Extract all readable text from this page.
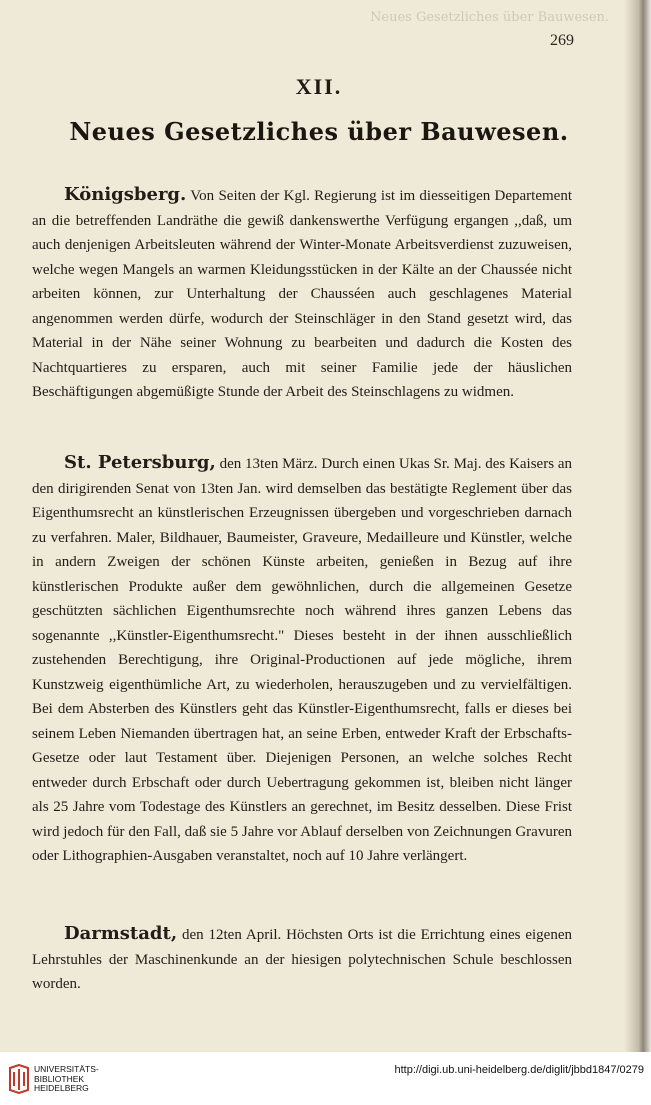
Neues Gesetzliches über Bauwesen.
269
XII.
Neues Gesetzliches über Bauwesen.
Königsberg. Von Seiten der Kgl. Regierung ist im diesseitigen Departement an die betreffenden Landräthe die gewiß dankenswerthe Verfügung ergangen ,,daß, um auch denjenigen Arbeitsleuten während der Winter-Monate Arbeitsverdienst zuzuweisen, welche wegen Mangels an warmen Kleidungsstücken in der Kälte an der Chaussée nicht arbeiten können, zur Unterhaltung der Chausséen auch geschlagenes Material angenommen werden dürfe, wodurch der Steinschläger in den Stand gesetzt wird, das Material in der Nähe seiner Wohnung zu bearbeiten und dadurch die Kosten des Nachtquartieres zu ersparen, auch mit seiner Familie jede der häuslichen Beschäftigungen abgemüßigte Stunde der Arbeit des Steinschlagens zu widmen.
St. Petersburg, den 13ten März. Durch einen Ukas Sr. Maj. des Kaisers an den dirigirenden Senat von 13ten Jan. wird demselben das bestätigte Reglement über das Eigenthumsrecht an künstlerischen Erzeugnissen übergeben und vorgeschrieben darnach zu verfahren. Maler, Bildhauer, Baumeister, Graveure, Medailleure und Künstler, welche in andern Zweigen der schönen Künste arbeiten, genießen in Bezug auf ihre künstlerischen Produkte außer dem gewöhnlichen, durch die allgemeinen Gesetze geschützten sächlichen Eigenthumsrechte noch während ihres ganzen Lebens das sogenannte ,,Künstler-Eigenthumsrecht." Dieses besteht in der ihnen ausschließlich zustehenden Berechtigung, ihre Original-Productionen auf jede mögliche, ihrem Kunstzweig eigenthümliche Art, zu wiederholen, herauszugeben und zu vervielfältigen. Bei dem Absterben des Künstlers geht das Künstler-Eigenthumsrecht, falls er dieses bei seinem Leben Niemanden übertragen hat, an seine Erben, entweder Kraft der Erbschafts-Gesetze oder laut Testament über. Diejenigen Personen, an welche solches Recht entweder durch Erbschaft oder durch Uebertragung gekommen ist, bleiben nicht länger als 25 Jahre vom Todestage des Künstlers an gerechnet, im Besitz desselben. Diese Frist wird jedoch für den Fall, daß sie 5 Jahre vor Ablauf derselben von Zeichnungen Gravuren oder Lithographien-Ausgaben veranstaltet, noch auf 10 Jahre verlängert.
Darmstadt, den 12ten April. Höchsten Orts ist die Errichtung eines eigenen Lehrstuhles der Maschinenkunde an der hiesigen polytechnischen Schule beschlossen worden.
UNIVERSITÄTS-
BIBLIOTHEK
HEIDELBERG
http://digi.ub.uni-heidelberg.de/diglit/jbbd1847/0279
